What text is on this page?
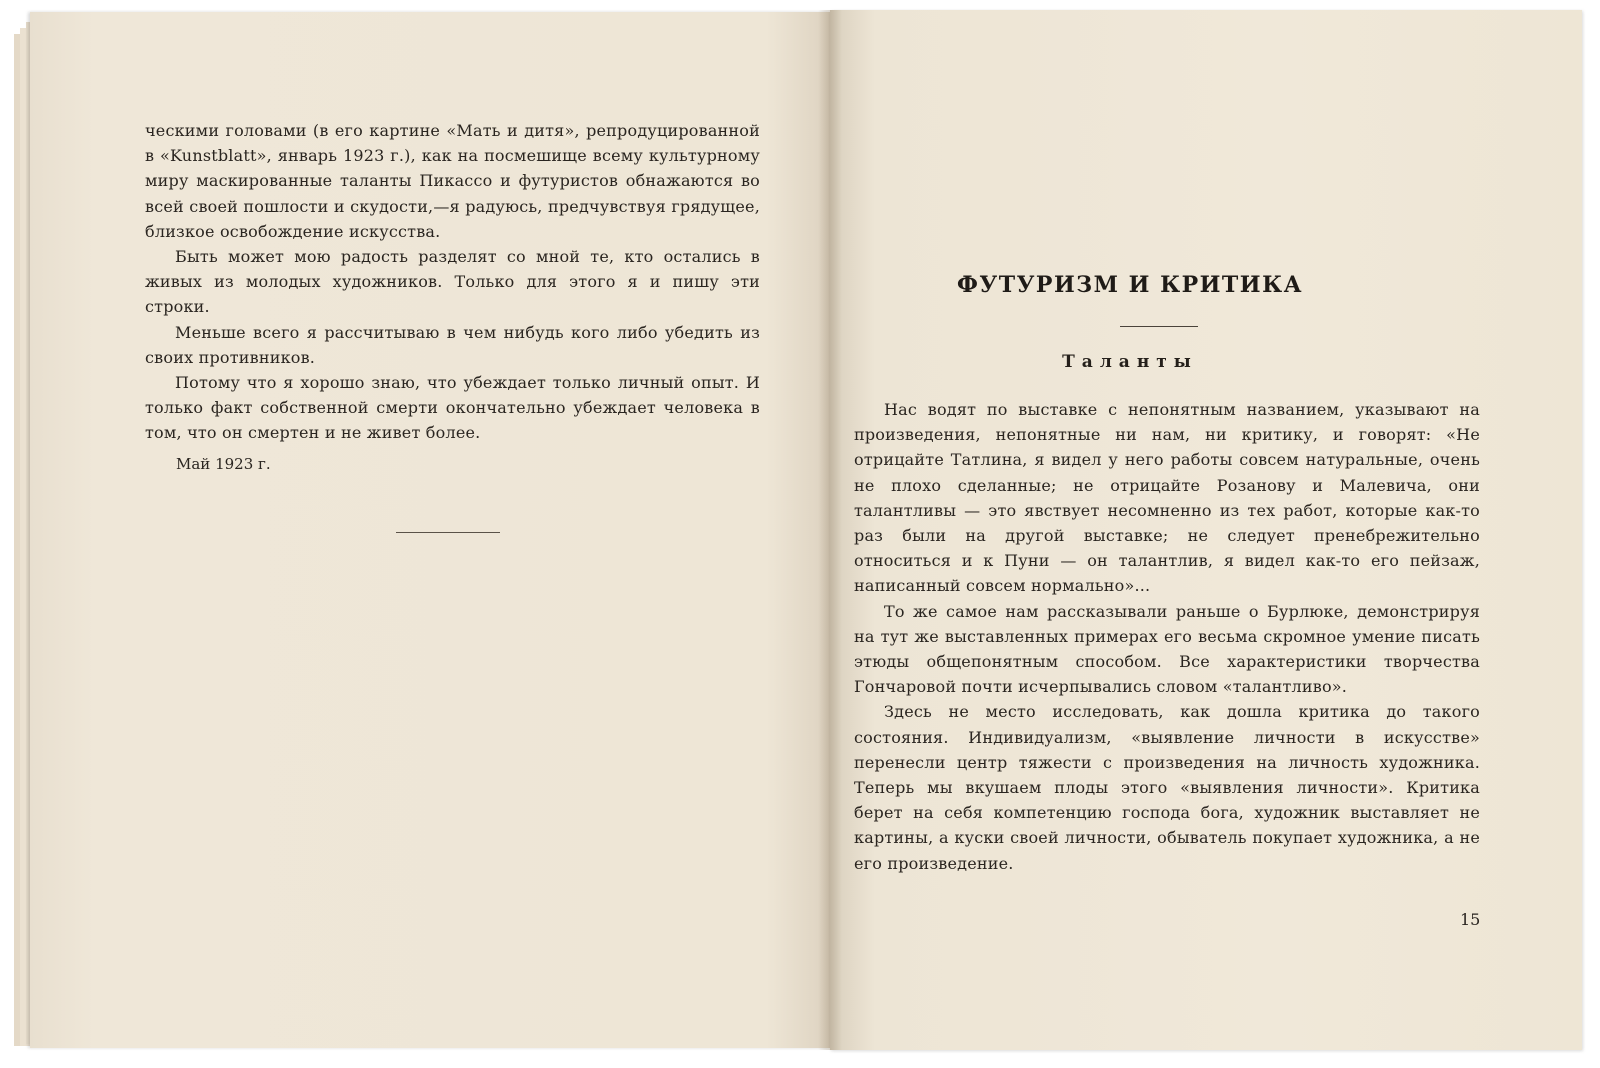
ческими головами (в его картине «Мать и дитя», репродуцированной в «Kunstblatt», январь 1923 г.), как на посмешище всему культурному миру маскированные таланты Пикассо и футуристов обнажаются во всей своей пошлости и скудости,—я радуюсь, предчувствуя грядущее, близкое освобождение искусства.

Быть может мою радость разделят со мной те, кто остались в живых из молодых художников. Только для этого я и пишу эти строки.

Меньше всего я рассчитываю в чем нибудь кого либо убедить из своих противников.

Потому что я хорошо знаю, что убеждает только личный опыт. И только факт собственной смерти окончательно убеждает человека в том, что он смертен и не живет более.

Май 1923 г.
ФУТУРИЗМ И КРИТИКА
Таланты

Нас водят по выставке с непонятным названием, указывают на произведения, непонятные ни нам, ни критику, и говорят: «Не отрицайте Татлина, я видел у него работы совсем натуральные, очень не плохо сделанные; не отрицайте Розанову и Малевича, они талантливы — это явствует несомненно из тех работ, которые как-то раз были на другой выставке; не следует пренебрежительно относиться и к Пуни — он талантлив, я видел как-то его пейзаж, написанный совсем нормально»...

То же самое нам рассказывали раньше о Бурлюке, демонстрируя на тут же выставленных примерах его весьма скромное умение писать этюды общепонятным способом. Все характеристики творчества Гончаровой почти исчерпывались словом «талантливо».

Здесь не место исследовать, как дошла критика до такого состояния. Индивидуализм, «выявление личности в искусстве» перенесли центр тяжести с произведения на личность художника. Теперь мы вкушаем плоды этого «выявления личности». Критика берет на себя компетенцию господа бога, художник выставляет не картины, а куски своей личности, обыватель покупает художника, а не его произведение.

15
